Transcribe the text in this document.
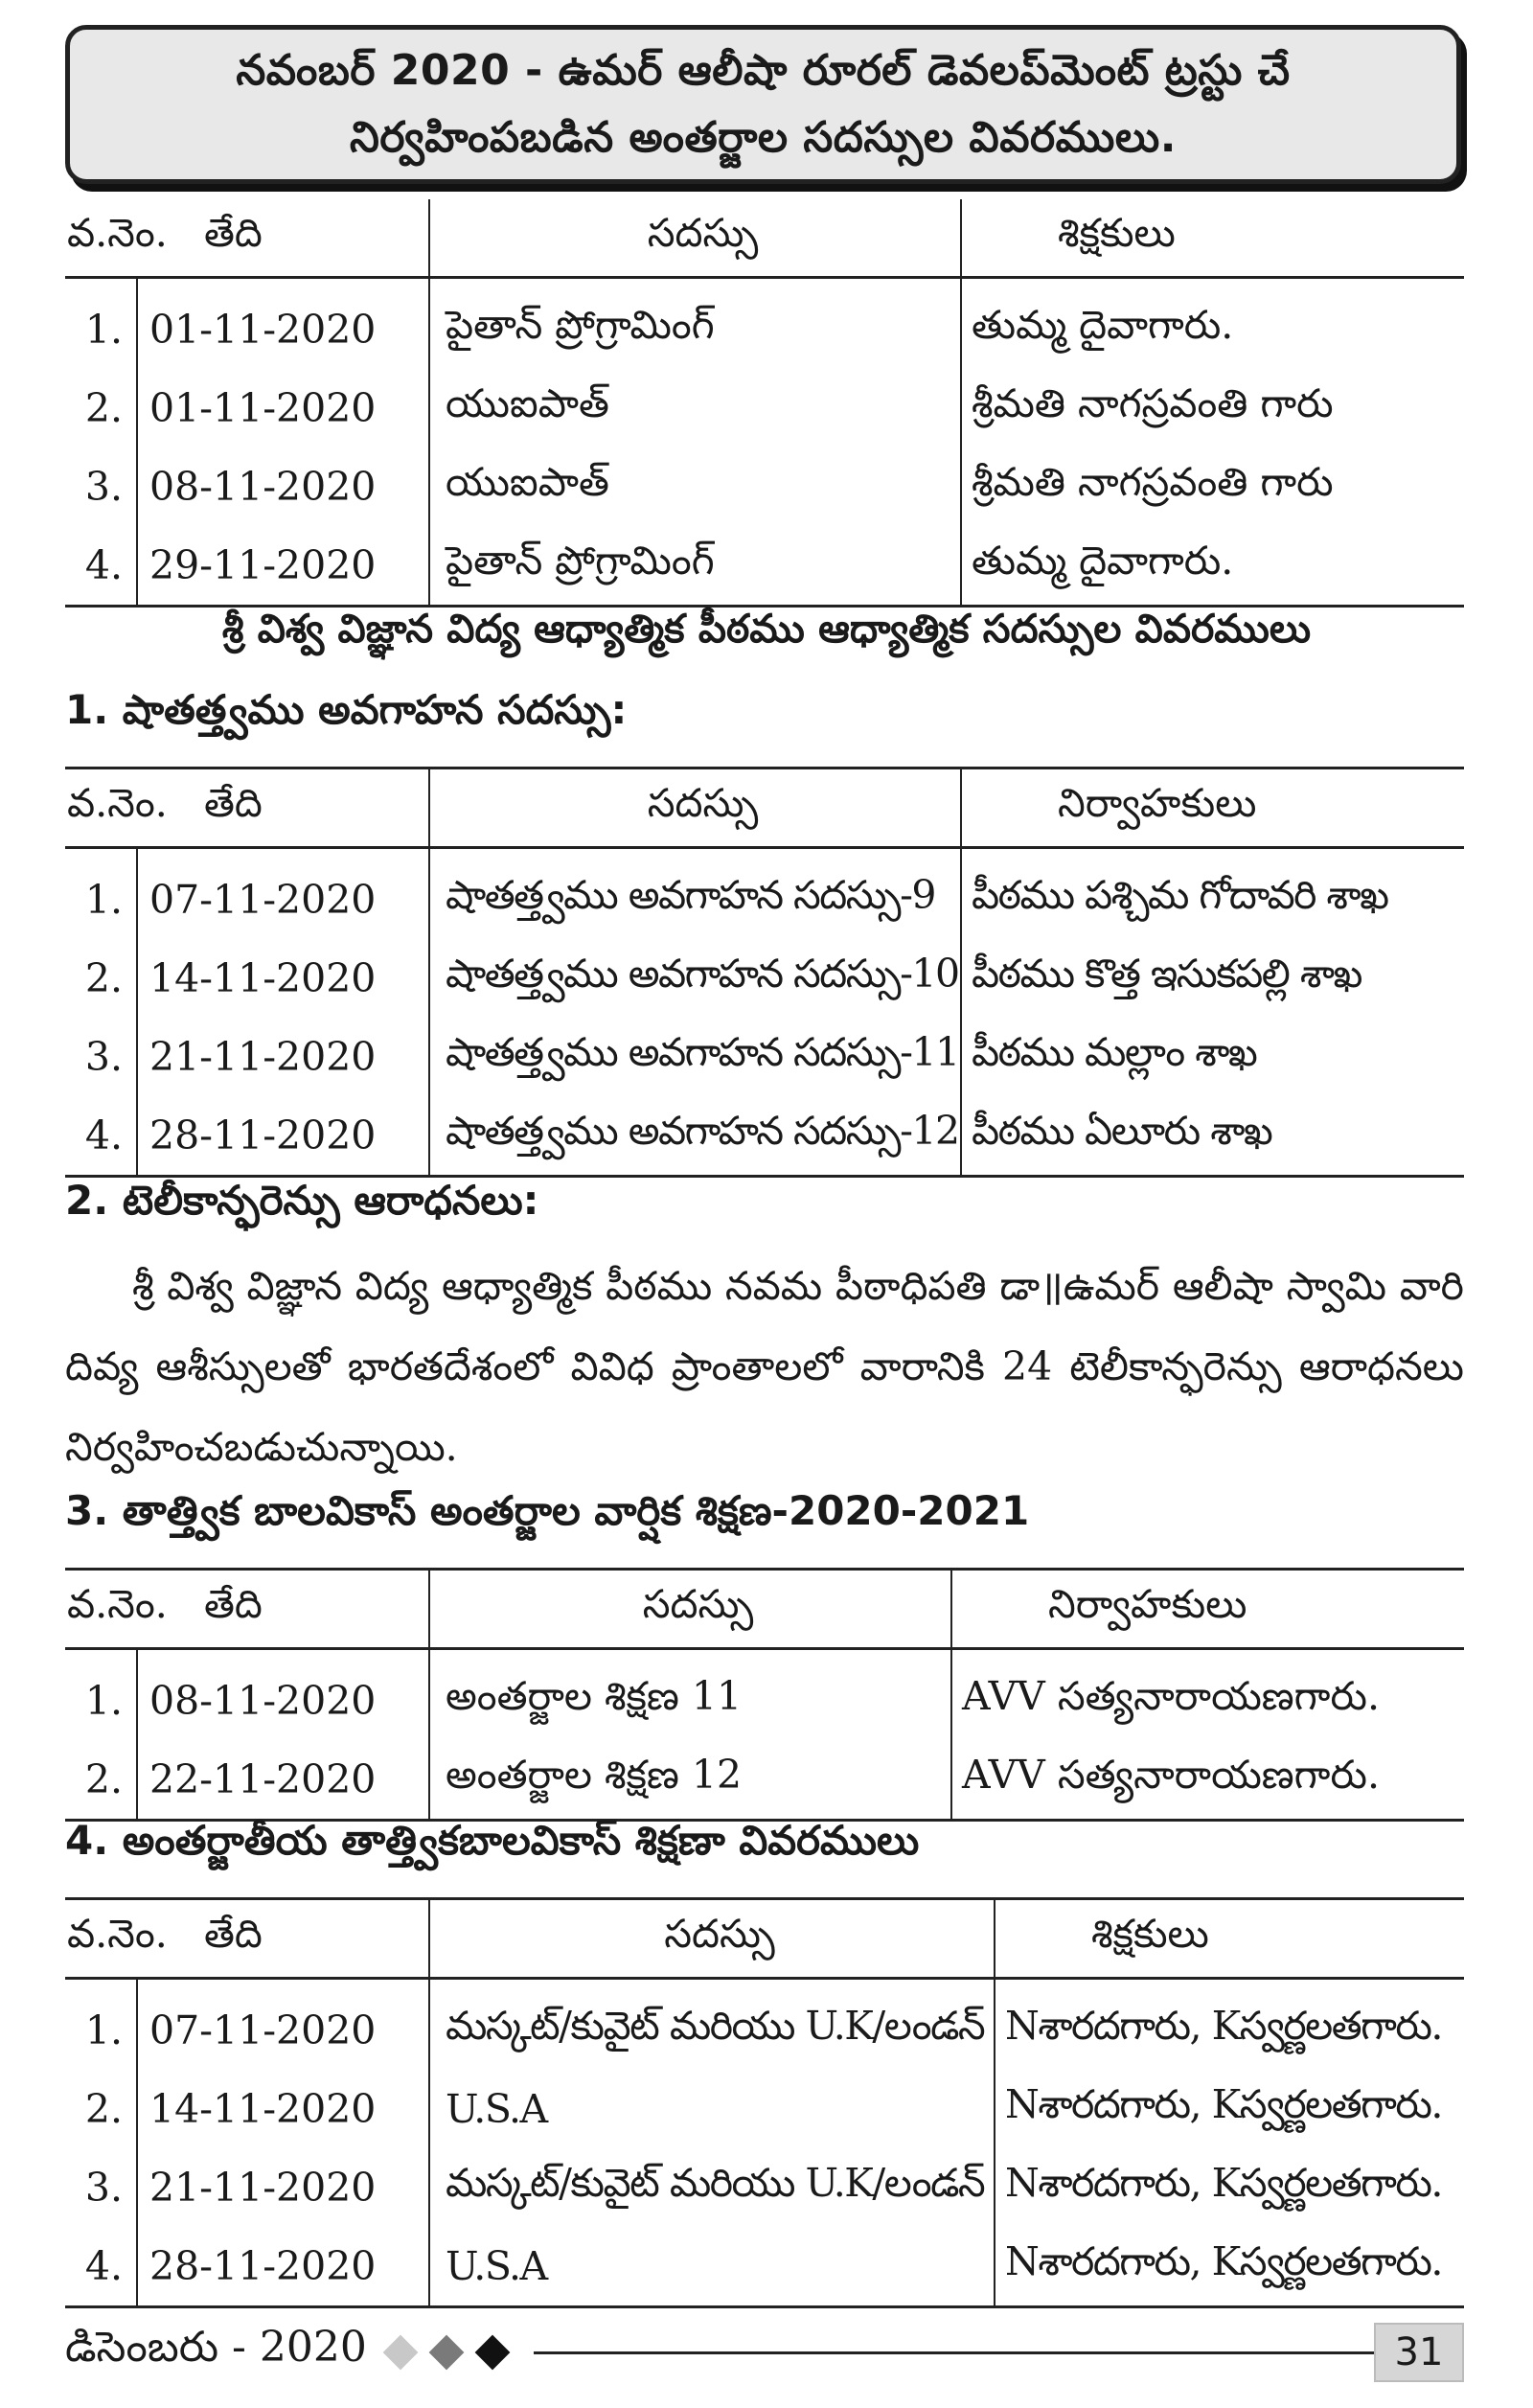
నవంబర్ 2020 - ఉమర్ ఆలీషా రూరల్ డెవలప్‌మెంట్ ట్రస్టు చే
నిర్వహింపబడిన అంతర్జాల సదస్సుల వివరములు.
వ.నెం.	తేది	సదస్సు	శిక్షకులు
1.	01-11-2020	పైతాన్ ప్రోగ్రామింగ్	తుమ్మ దైవాగారు.
2.	01-11-2020	యుఐపాత్	శ్రీమతి నాగస్రవంతి గారు
3.	08-11-2020	యుఐపాత్	శ్రీమతి నాగస్రవంతి గారు
4.	29-11-2020	పైతాన్ ప్రోగ్రామింగ్	తుమ్మ దైవాగారు.
శ్రీ విశ్వ విజ్ఞాన విద్య ఆధ్యాత్మిక పీఠము ఆధ్యాత్మిక సదస్సుల వివరములు
1. షాతత్త్వము అవగాహన సదస్సు:
వ.నెం.	తేది	సదస్సు	నిర్వాహకులు
1.	07-11-2020	షాతత్త్వము అవగాహన సదస్సు-9	పీఠము పశ్చిమ గోదావరి శాఖ
2.	14-11-2020	షాతత్త్వము అవగాహన సదస్సు-10	పీఠము కొత్త ఇసుకపల్లి శాఖ
3.	21-11-2020	షాతత్త్వము అవగాహన సదస్సు-11	పీఠము మల్లాం శాఖ
4.	28-11-2020	షాతత్త్వము అవగాహన సదస్సు-12	పీఠము ఏలూరు శాఖ
2. టెలీకాన్ఫరెన్సు ఆరాధనలు:
శ్రీ విశ్వ విజ్ఞాన విద్య ఆధ్యాత్మిక పీఠము నవమ పీఠాధిపతి డా॥ఉమర్ ఆలీషా స్వామి వారి దివ్య ఆశీస్సులతో భారతదేశంలో వివిధ ప్రాంతాలలో వారానికి 24 టెలీకాన్ఫరెన్సు ఆరాధనలు నిర్వహించబడుచున్నాయి.
3. తాత్త్విక బాలవికాస్ అంతర్జాల వార్షిక శిక్షణ-2020-2021
వ.నెం.	తేది	సదస్సు	నిర్వాహకులు
1.	08-11-2020	అంతర్జాల శిక్షణ 11	AVV సత్యనారాయణగారు.
2.	22-11-2020	అంతర్జాల శిక్షణ 12	AVV సత్యనారాయణగారు.
4. అంతర్జాతీయ తాత్త్వికబాలవికాస్ శిక్షణా వివరములు
వ.నెం.	తేది	సదస్సు	శిక్షకులు
1.	07-11-2020	మస్కట్/కువైట్ మరియు U.K/లండన్	Nశారదగారు, Kస్వర్ణలతగారు.
2.	14-11-2020	U.S.A	Nశారదగారు, Kస్వర్ణలతగారు.
3.	21-11-2020	మస్కట్/కువైట్ మరియు U.K/లండన్	Nశారదగారు, Kస్వర్ణలతగారు.
4.	28-11-2020	U.S.A	Nశారదగారు, Kస్వర్ణలతగారు.
డిసెంబరు - 2020	31
